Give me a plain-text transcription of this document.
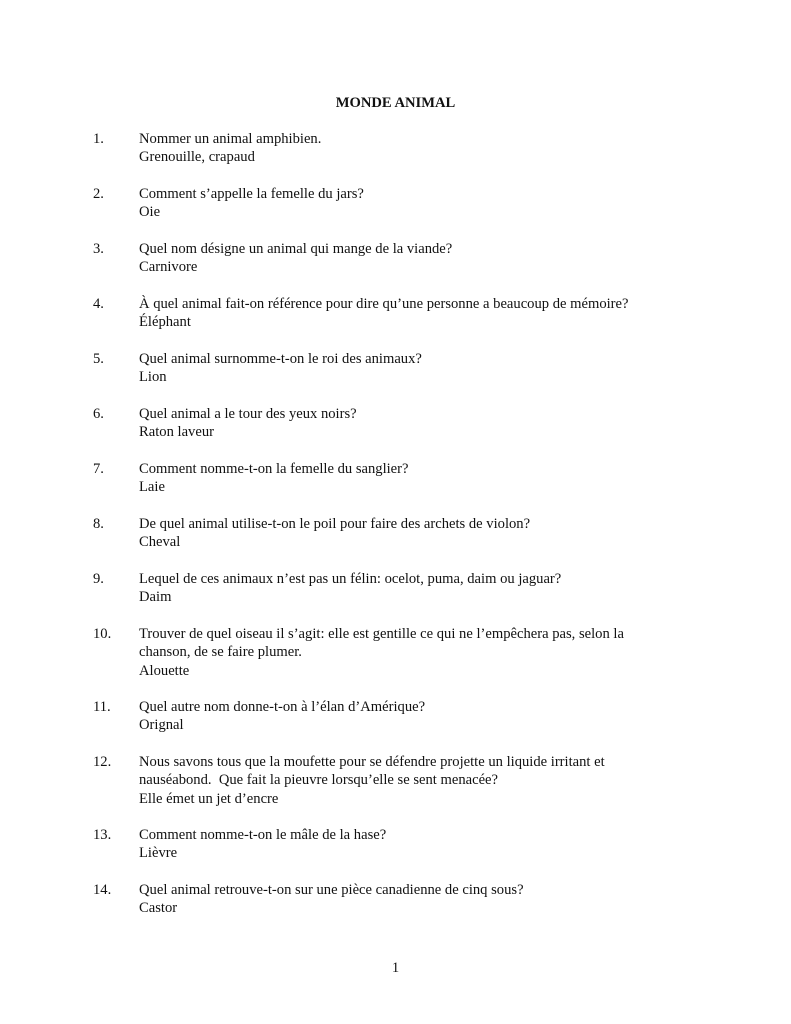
MONDE ANIMAL
1.	Nommer un animal amphibien.
Grenouille, crapaud
2.	Comment s’appelle la femelle du jars?
Oie
3.	Quel nom désigne un animal qui mange de la viande?
Carnivore
4.	À quel animal fait-on référence pour dire qu’une personne a beaucoup de mémoire?
Éléphant
5.	Quel animal surnomme-t-on le roi des animaux?
Lion
6.	Quel animal a le tour des yeux noirs?
Raton laveur
7.	Comment nomme-t-on la femelle du sanglier?
Laie
8.	De quel animal utilise-t-on le poil pour faire des archets de violon?
Cheval
9.	Lequel de ces animaux n’est pas un félin: ocelot, puma, daim ou jaguar?
Daim
10.	Trouver de quel oiseau il s’agit: elle est gentille ce qui ne l’empêchera pas, selon la
chanson, de se faire plumer.
Alouette
11.	Quel autre nom donne-t-on à l’élan d’Amérique?
Orignal
12.	Nous savons tous que la moufette pour se défendre projette un liquide irritant et
nauséabond.  Que fait la pieuvre lorsqu’elle se sent menacée?
Elle émet un jet d’encre
13.	Comment nomme-t-on le mâle de la hase?
Lièvre
14.	Quel animal retrouve-t-on sur une pièce canadienne de cinq sous?
Castor
1
